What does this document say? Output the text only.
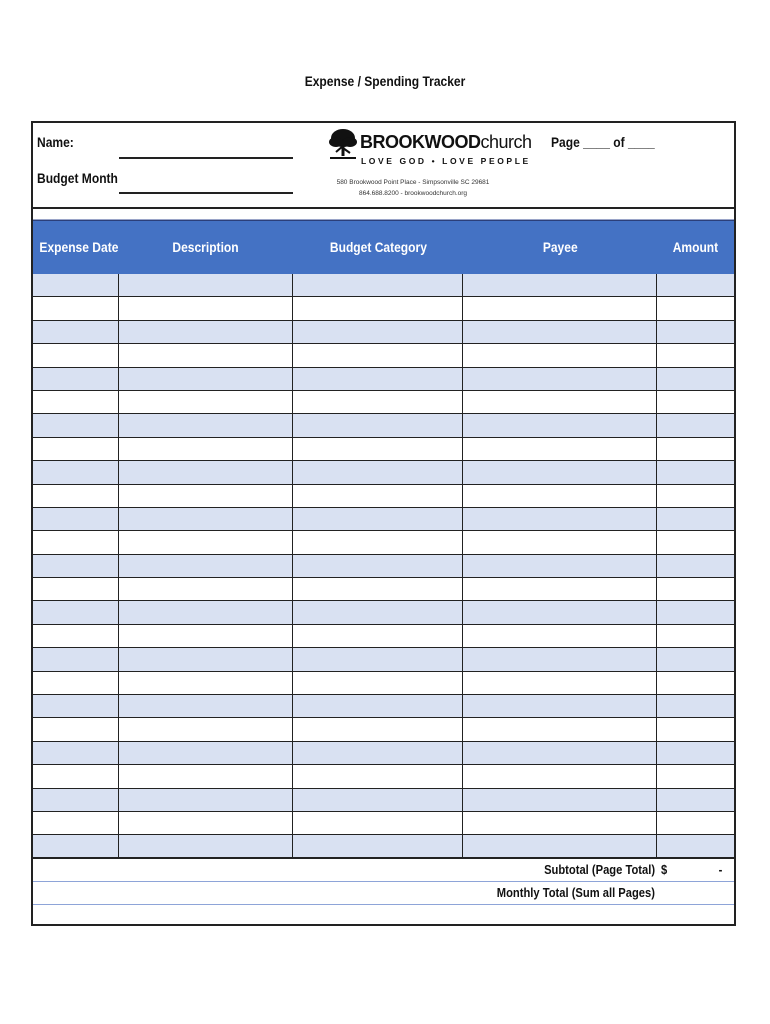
Expense / Spending Tracker
Name:
Budget Month
BROOKWOODchurch
LOVE GOD • LOVE PEOPLE
580 Brookwood Point Place - Simpsonville SC 29681
864.688.8200 - brookwoodchurch.org
Page ____ of ____
Expense Date	Description	Budget Category	Payee	Amount
Subtotal (Page Total) $	-
Monthly Total (Sum all Pages)
